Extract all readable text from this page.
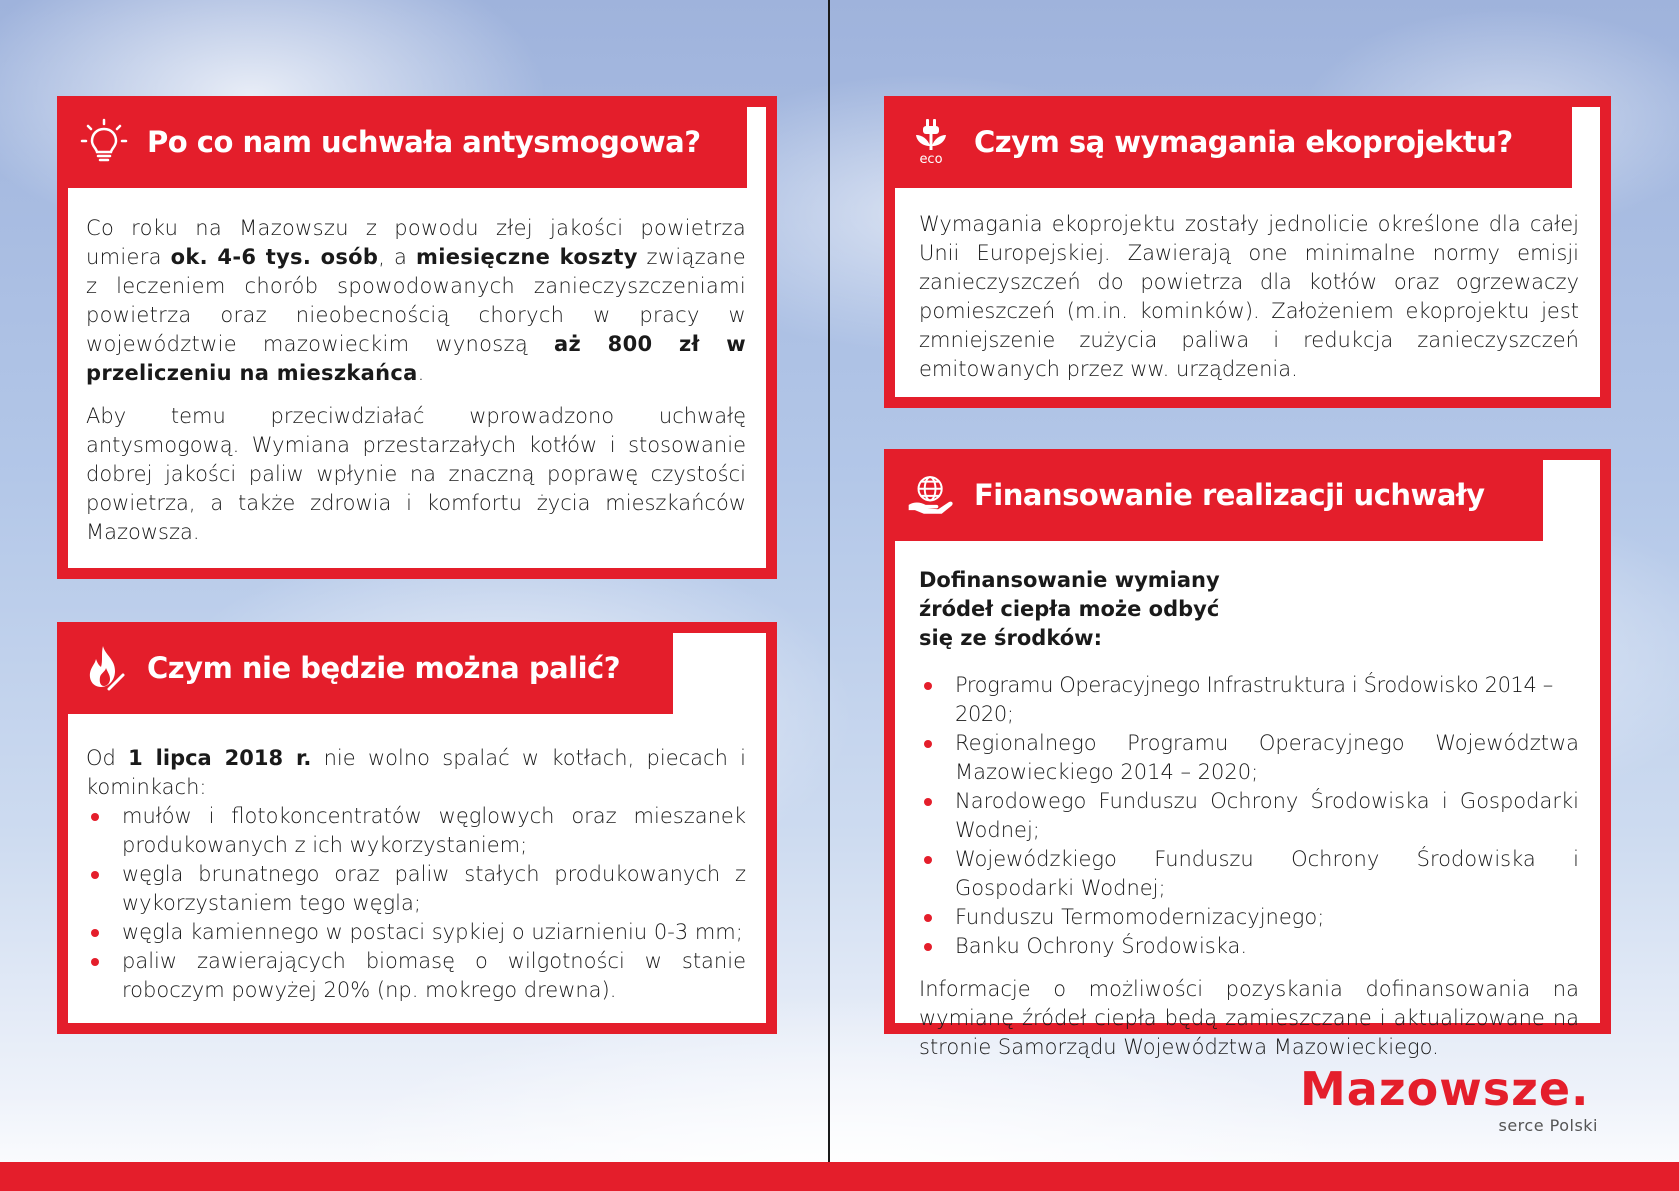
Po co nam uchwała antysmogowa?

Co roku na Mazowszu z powodu złej jakości powietrza umiera ok. 4-6 tys. osób, a miesięczne koszty związane z leczeniem chorób spowodowanych zanieczyszczeniami powietrza oraz nieobecnością chorych w pracy w województwie mazowieckim wynoszą aż 800 zł w przeliczeniu na mieszkańca.

Aby temu przeciwdziałać wprowadzono uchwałę antysmogową. Wymiana przestarzałych kotłów i stosowanie dobrej jakości paliw wpłynie na znaczną poprawę czystości powietrza, a także zdrowia i komfortu życia mieszkańców Mazowsza.

Czym nie będzie można palić?

Od 1 lipca 2018 r. nie wolno spalać w kotłach, piecach i kominkach:

mułów i flotokoncentratów węglowych oraz mieszanek produkowanych z ich wykorzystaniem;
węgla brunatnego oraz paliw stałych produkowanych z wykorzystaniem tego węgla;
węgla kamiennego w postaci sypkiej o uziarnieniu 0-3 mm;
paliw zawierających biomasę o wilgotności w stanie roboczym powyżej 20% (np. mokrego drewna).
eco
Czym są wymagania ekoprojektu?

Wymagania ekoprojektu zostały jednolicie określone dla całej Unii Europejskiej. Zawierają one minimalne normy emisji zanieczyszczeń do powietrza dla kotłów oraz ogrzewaczy pomieszczeń (m.in. kominków). Założeniem ekoprojektu jest zmniejszenie zużycia paliwa i redukcja zanieczyszczeń emitowanych przez ww. urządzenia.

Finansowanie realizacji uchwały

Dofinansowanie wymiany źródeł ciepła może odbyć się ze środków:

Programu Operacyjnego Infrastruktura i Środowisko 2014 – 2020;
Regionalnego Programu Operacyjnego Województwa Mazowieckiego 2014 – 2020;
Narodowego Funduszu Ochrony Środowiska i Gospodarki Wodnej;
Wojewódzkiego Funduszu Ochrony Środowiska i Gospodarki Wodnej;
Funduszu Termomodernizacyjnego;
Banku Ochrony Środowiska.

Informacje o możliwości pozyskania dofinansowania na wymianę źródeł ciepła będą zamieszczane i aktualizowane na stronie Samorządu Województwa Mazowieckiego.

Mazowsze.
serce Polski
